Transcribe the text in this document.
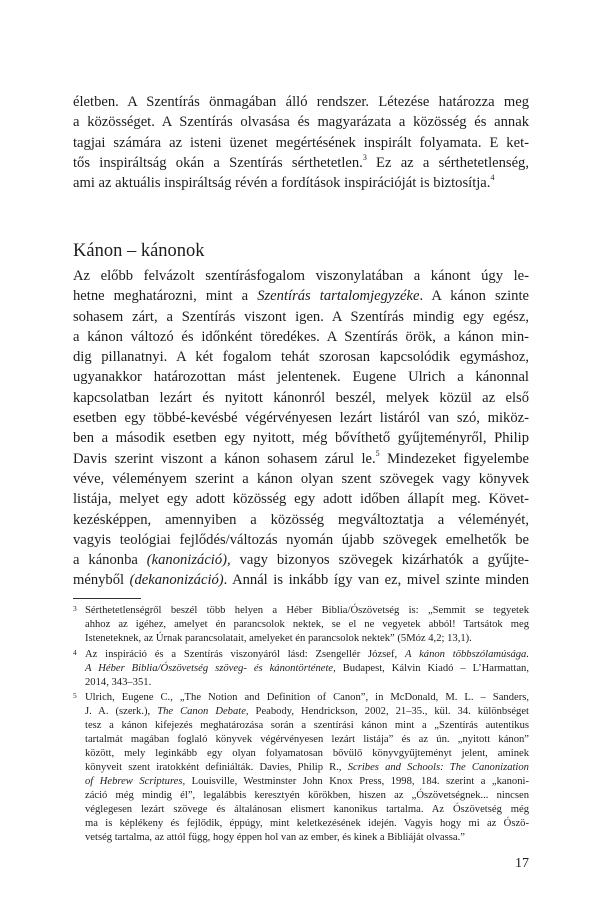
életben. A Szentírás önmagában álló rendszer. Létezése határozza meg
a közösséget. A Szentírás olvasása és magyarázata a közösség és annak
tagjai számára az isteni üzenet megértésének inspirált folyamata. E ket-
tős inspiráltság okán a Szentírás sérthetetlen.$^3$ Ez az a sérthetetlenség,
ami az aktuális inspiráltság révén a fordítások inspirációját is biztosítja.$^4$
Kánon – kánonok
Az előbb felvázolt szentírásfogalom viszonylatában a kánont úgy le-
hetne meghatározni, mint a Szentírás tartalomjegyzéke. A kánon szinte
sohasem zárt, a Szentírás viszont igen. A Szentírás mindig egy egész,
a kánon változó és időnként töredékes. A Szentírás örök, a kánon min-
dig pillanatnyi. A két fogalom tehát szorosan kapcsolódik egymáshoz,
ugyanakkor határozottan mást jelentenek. Eugene Ulrich a kánonnal
kapcsolatban lezárt és nyitott kánonról beszél, melyek közül az első
esetben egy többé-kevésbé végérvényesen lezárt listáról van szó, miköz-
ben a második esetben egy nyitott, még bővíthető gyűjteményről, Philip
Davis szerint viszont a kánon sohasem zárul le.$^5$ Mindezeket figyelembe
véve, véleményem szerint a kánon olyan szent szövegek vagy könyvek
listája, melyet egy adott közösség egy adott időben állapít meg. Követ-
kezésképpen, amennyiben a közösség megváltoztatja a véleményét,
vagyis teológiai fejlődés/változás nyomán újabb szövegek emelhetők be
a kánonba (kanonizáció), vagy bizonyos szövegek kizárhatók a gyűjte-
ményből (dekanonizáció). Annál is inkább így van ez, mivel szinte minden
3 Sérthetetlenségről beszél több helyen a Héber Biblia/Ószövetség is: „Semmit se tegyetek
ahhoz az igéhez, amelyet én parancsolok nektek, se el ne vegyetek abból! Tartsátok meg
Isteneteknek, az Úrnak parancsolatait, amelyeket én parancsolok nektek” (5Móz 4,2; 13,1).
4 Az inspiráció és a Szentírás viszonyáról lásd: Zsengellér József, A kánon többszólamúsága.
A Héber Biblia/Ószövetség szöveg- és kánontörténete, Budapest, Kálvin Kiadó – L’Harmattan,
2014, 343–351.
5 Ulrich, Eugene C., „The Notion and Definition of Canon”, in McDonald, M. L. – Sanders,
J. A. (szerk.), The Canon Debate, Peabody, Hendrickson, 2002, 21–35., kül. 34. különbséget
tesz a kánon kifejezés meghatározása során a szentírási kánon mint a „Szentírás autentikus
tartalmát magában foglaló könyvek végérvényesen lezárt listája” és az ún. „nyitott kánon”
között, mely leginkább egy olyan folyamatosan bővülő könyvgyűjteményt jelent, aminek
könyveit szent iratokként definiálták. Davies, Philip R., Scribes and Schools: The Canonization
of Hebrew Scriptures, Louisville, Westminster John Knox Press, 1998, 184. szerint a „kanoni-
záció még mindig él”, legalábbis keresztyén körökben, hiszen az „Ószövetségnek... nincsen
véglegesen lezárt szövege és általánosan elismert kanonikus tartalma. Az Ószövetség még
ma is képlékeny és fejlődik, éppúgy, mint keletkezésének idején. Vagyis hogy mi az Ószö-
vetség tartalma, az attól függ, hogy éppen hol van az ember, és kinek a Bibliáját olvassa.”
17
